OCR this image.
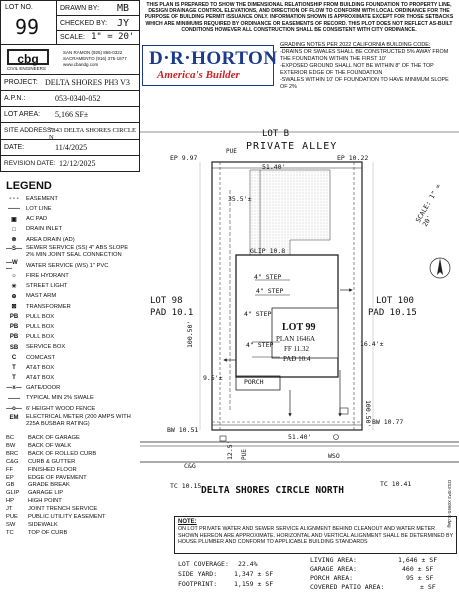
LOT NO.
99
DRAWN BY: MB
CHECKED BY: JY
SCALE: 1" = 20'
cbg
CIVIL ENGINEERS
SAN RAMON (925) 866-0322
SACRAMENTO (916) 375-1877
www.cbandg.com
PROJECT: DELTA SHORES PH3 V3
A.P.N.:	053-0340-052
LOT AREA: 5,166 SF±
SITE ADDRESS:
7843 DELTA SHORES CIRCLE N
DATE:	11/4/2025
REVISION DATE: 12/12/2025
THIS PLAN IS PREPARED TO SHOW THE DIMENSIONAL RELATIONSHIP FROM BUILDING FOUNDATION TO PROPERTY LINE, DESIGN DRAINAGE CONTROL ELEVATIONS, AND DIRECTION OF FLOW TO CONFORM WITH LOCAL ORDINANCE FOR THE PURPOSE OF BUILDING PERMIT ISSUANCE ONLY. INFORMATION SHOWN IS APPROXIMATE EXCEPT FOR THOSE SETBACKS WHICH ARE MINIMUMS REQUIRED BY ORDINANCE OR EASEMENTS OF RECORD. THIS PLOT DOES NOT REFLECT AS-BUILT CONDITIONS HOWEVER ALL CONSTRUCTION SHALL BE CONSISTENT WITH CITY ORDINANCE.
D·R·HORTON
America's Builder
GRADING NOTES PER 2022 CALIFORNIA BUILDING CODE:
-DRAINS OR SWALES SHALL BE CONSTRUCTED 5% AWAY FROM THE FOUNDATION WITHIN THE FIRST 10'
-EXPOSED GROUND SHALL NOT BE WITHIN 8" OF THE TOP EXTERIOR EDGE OF THE FOUNDATION
-SWALES WITHIN 10' OF FOUNDATION TO HAVE MINIMUM SLOPE OF 2%
LOT B
PRIVATE ALLEY
EP 9.97	EP 10.22
PUE
51.40'
35.5'±
GLIP 10.8
4" STEP
4" STEP
4" STEP
4" STEP
LOT 98
PAD 10.1
LOT 100
PAD 10.15
LOT 99
PLAN 1646A
FF 11.32
PAD 10.4
100.50'
100.50'
16.4'±
9.5'±	PORCH
BW 10.51
BW 10.77
12.5' PUE
51.40'
WSO
C&G
TC 10.15	TC 10.41
DELTA SHORES CIRCLE NORTH
SCALE: 1" = 20'
LEGEND
- - -	EASEMENT
——	LOT LINE
▣	AC PAD
□	DRAIN INLET
⊗	AREA DRAIN (AD)
—S— SEWER SERVICE (SS) 4" ABS SLOPE 2% MIN JOINT SEAL CONNECTION
—W—
WATER SERVICE (WS) 1" PVC
☼	FIRE HYDRANT
✳	STREET LIGHT
⊕	MAST ARM
⊠	TRANSFORMER
PB	PULL BOX
PB	PULL BOX
PB	PULL BOX
SB	SERVICE BOX
C	COMCAST
T	AT&T BOX
T	AT&T BOX
—x— GATE/DOOR
——	TYPICAL MIN 2% SWALE
—o— 6' HEIGHT WOOD FENCE
EM	ELECTRICAL METER (200 AMPS WITH 225A BUSBAR RATING)
BC	BACK OF GARAGE
BW	BACK OF WALK
BRC	BACK OF ROLLED CURB
C&G	CURB & GUTTER
FF	FINISHED FLOOR
EP	EDGE OF PAVEMENT
GB	GRADE BREAK
GLIP	GARAGE LIP
HP	HIGH POINT
JT	JOINT TRENCH SERVICE
PUE	PUBLIC UTILITY EASEMENT
SW	SIDEWALK
TC	TOP OF CURB
NOTE:
ON LOT PRIVATE WATER AND SEWER SERVICE ALIGNMENT BEHIND CLEANOUT AND WATER METER SHOWN HEREON ARE APPROXIMATE. HORIZONTAL AND VERTICAL ALIGNMENT SHALL BE DETERMINED BY HOUSE PLUMBER AND CONFORM TO APPLICABLE BUILDING STANDARDS
LOT COVERAGE: 22.4%
SIDE YARD:	1,347 ± SF
FOOTPRINT:	1,159 ± SF
LIVING AREA:	1,646 ± SF
GARAGE AREA:	460 ± SF
PORCH AREA:	95 ± SF
COVERED PATIO AREA:	± SF
DS3-SP3 X099S-S.dwg
